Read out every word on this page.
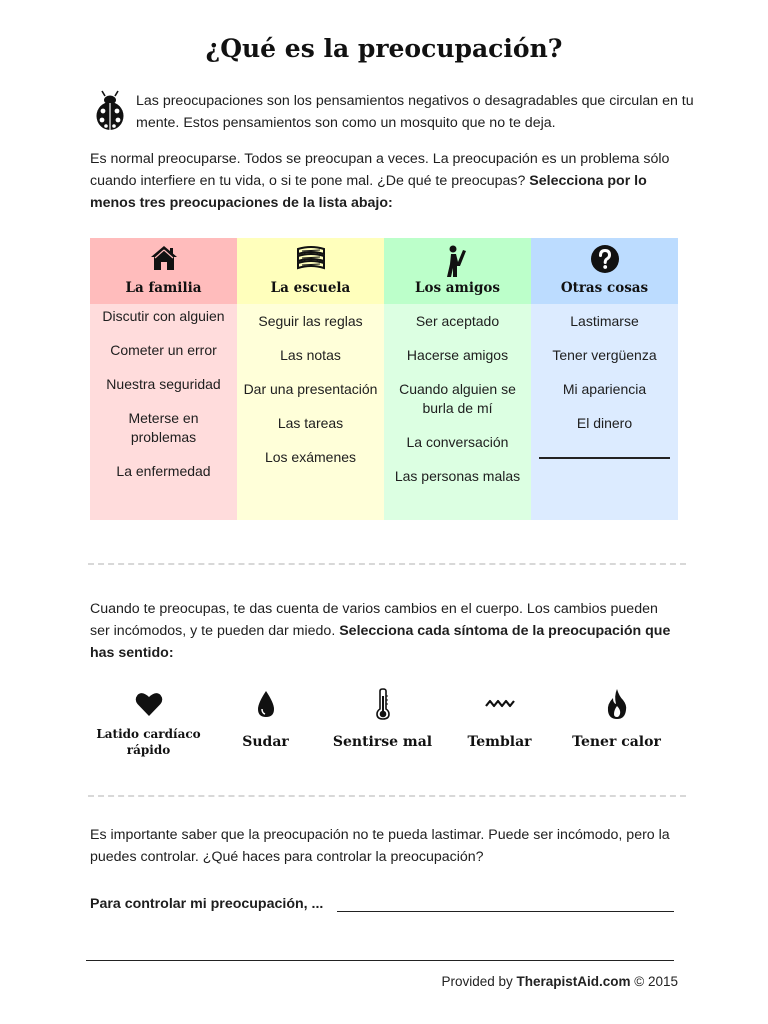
¿Qué es la preocupación?
Las preocupaciones son los pensamientos negativos o desagradables que circulan en tu mente. Estos pensamientos son como un mosquito que no te deja.
Es normal preocuparse. Todos se preocupan a veces. La preocupación es un problema sólo cuando interfiere en tu vida, o si te pone mal. ¿De qué te preocupas? Selecciona por lo menos tres preocupaciones de la lista abajo:
La familia
Discutir con alguien
Cometer un error
Nuestra seguridad
Meterse en problemas
La enfermedad
La escuela
Seguir las reglas
Las notas
Dar una presentación
Las tareas
Los exámenes
Los amigos
Ser aceptado
Hacerse amigos
Cuando alguien se burla de mí
La conversación
Las personas malas
Otras cosas
Lastimarse
Tener vergüenza
Mi apariencia
El dinero
Cuando te preocupas, te das cuenta de varios cambios en el cuerpo. Los cambios pueden ser incómodos, y te pueden dar miedo. Selecciona cada síntoma de la preocupación que has sentido:
Latido cardíaco rápido	Sudar	Sentirse mal	Temblar	Tener calor
Es importante saber que la preocupación no te pueda lastimar. Puede ser incómodo, pero la puedes controlar. ¿Qué haces para controlar la preocupación?
Para controlar mi preocupación, ...
Provided by TherapistAid.com © 2015
